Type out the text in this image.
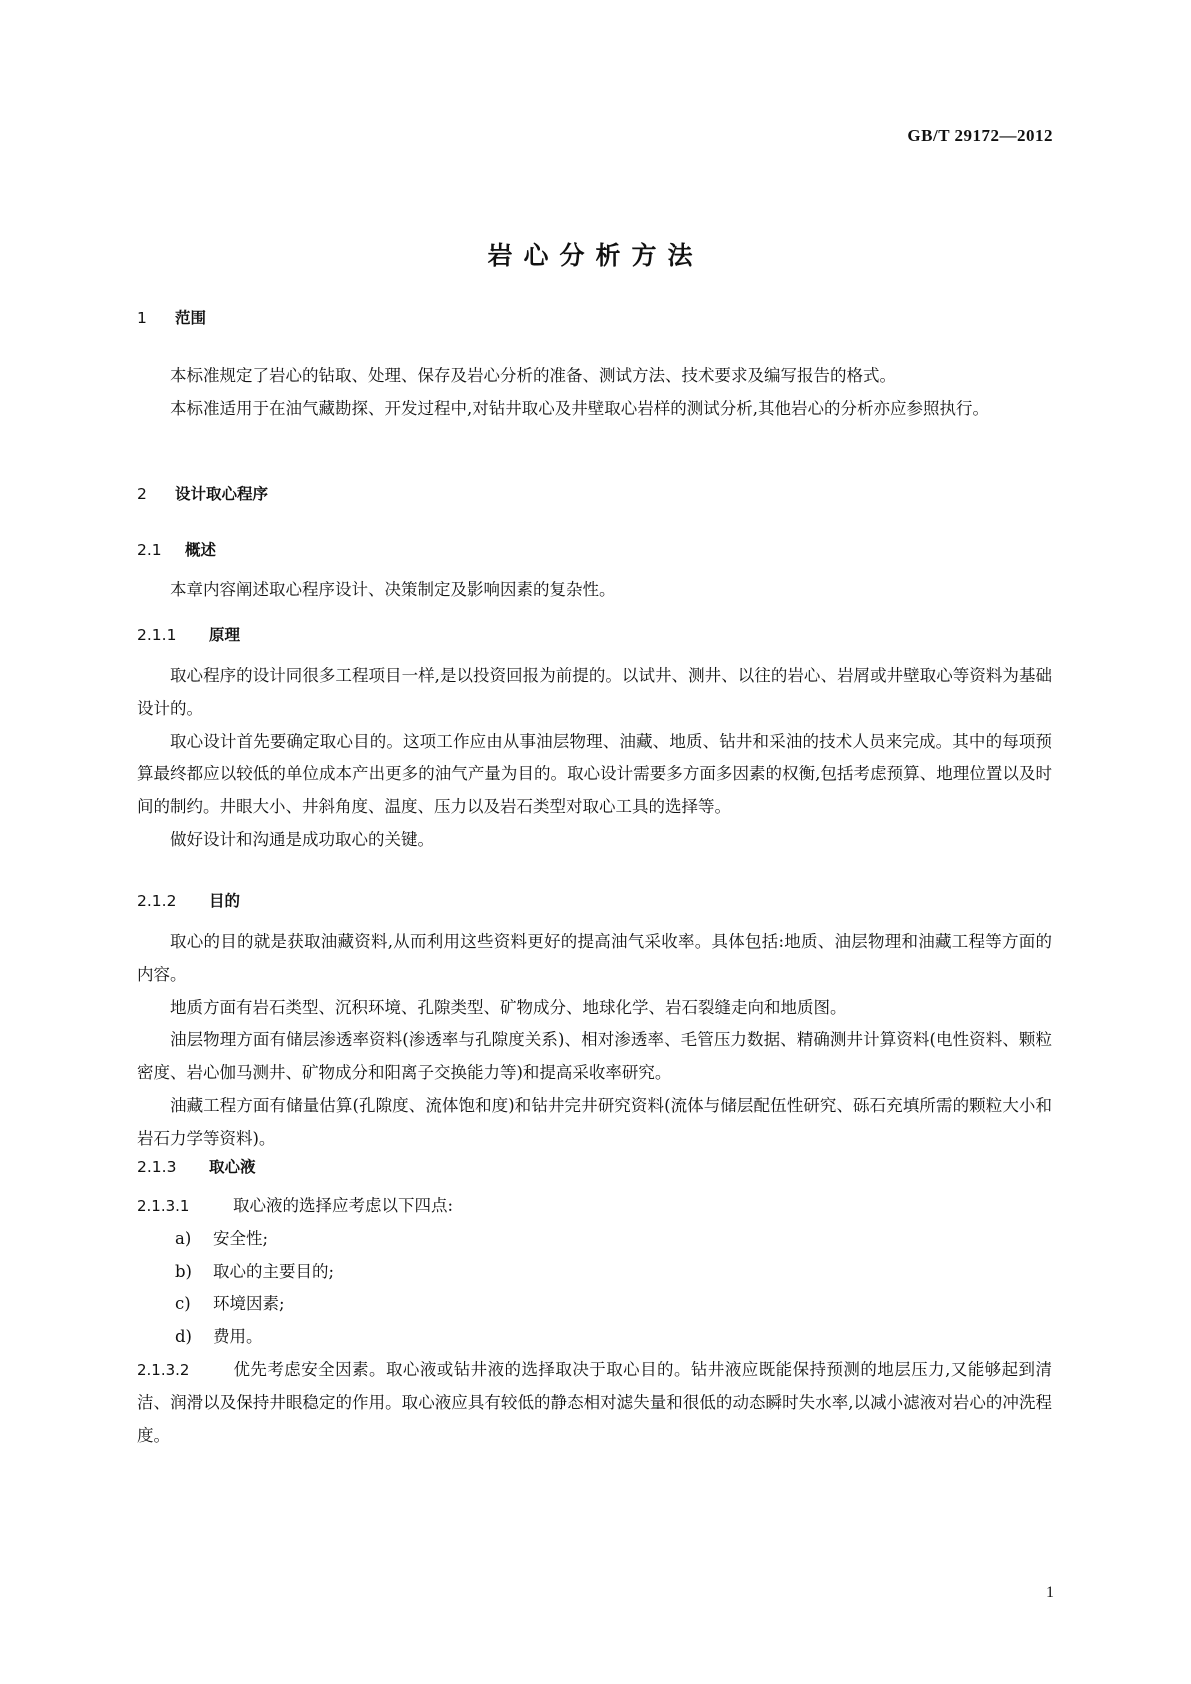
GB/T 29172—2012
岩心分析方法
1 范围

本标准规定了岩心的钻取、处理、保存及岩心分析的准备、测试方法、技术要求及编写报告的格式。

本标准适用于在油气藏勘探、开发过程中,对钻井取心及井壁取心岩样的测试分析,其他岩心的分析亦应参照执行。

2 设计取心程序
2.1 概述

本章内容阐述取心程序设计、决策制定及影响因素的复杂性。

2.1.1 原理

取心程序的设计同很多工程项目一样,是以投资回报为前提的。以试井、测井、以往的岩心、岩屑或井壁取心等资料为基础设计的。

取心设计首先要确定取心目的。这项工作应由从事油层物理、油藏、地质、钻井和采油的技术人员来完成。其中的每项预算最终都应以较低的单位成本产出更多的油气产量为目的。取心设计需要多方面多因素的权衡,包括考虑预算、地理位置以及时间的制约。井眼大小、井斜角度、温度、压力以及岩石类型对取心工具的选择等。

做好设计和沟通是成功取心的关键。

2.1.2 目的

取心的目的就是获取油藏资料,从而利用这些资料更好的提高油气采收率。具体包括:地质、油层物理和油藏工程等方面的内容。

地质方面有岩石类型、沉积环境、孔隙类型、矿物成分、地球化学、岩石裂缝走向和地质图。

油层物理方面有储层渗透率资料(渗透率与孔隙度关系)、相对渗透率、毛管压力数据、精确测井计算资料(电性资料、颗粒密度、岩心伽马测井、矿物成分和阳离子交换能力等)和提高采收率研究。

油藏工程方面有储量估算(孔隙度、流体饱和度)和钻井完井研究资料(流体与储层配伍性研究、砾石充填所需的颗粒大小和岩石力学等资料)。

2.1.3 取心液

2.1.3.1	取心液的选择应考虑以下四点:

a) 安全性;

b) 取心的主要目的;

c) 环境因素;

d) 费用。

2.1.3.2	优先考虑安全因素。取心液或钻井液的选择取决于取心目的。钻井液应既能保持预测的地层压力,又能够起到清洁、润滑以及保持井眼稳定的作用。取心液应具有较低的静态相对滤失量和很低的动态瞬时失水率,以减小滤液对岩心的冲洗程度。

1
